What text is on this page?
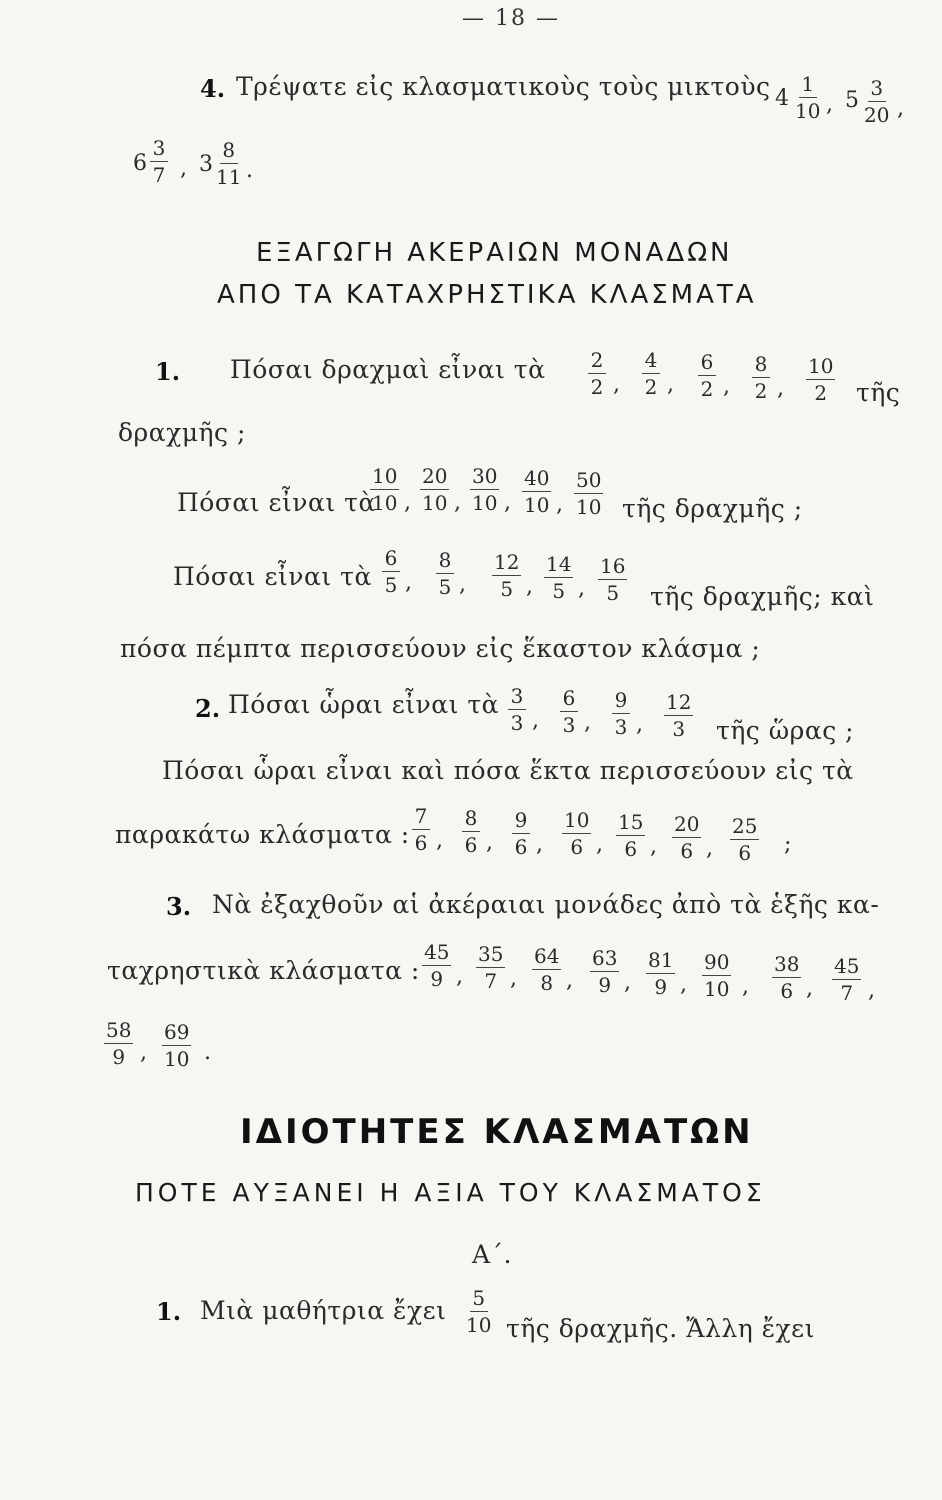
— 18 —
4. Τρέψατε εἰς κλασματικοὺς τοὺς μικτοὺς $4 \frac{1}{10}$ , $5 \frac{3}{20}$ ,
$6 \frac{3}{7}$ , $3 \frac{8}{11}$ .
ΕΞΑΓΩΓΗ ΑΚΕΡΑΙΩΝ ΜΟΝΑΔΩΝ
ΑΠΟ ΤΑ ΚΑΤΑΧΡΗΣΤΙΚΑ ΚΛΑΣΜΑΤΑ
1. Πόσαι δραχμαὶ εἶναι τὰ $\frac{2}{2}$ , $\frac{4}{2}$ , $\frac{6}{2}$ , $\frac{8}{2}$ , $\frac{10}{2}$ τῆς
δραχμῆς ;
Πόσαι εἶναι τὰ
$\frac{10}{10}$ , $\frac{20}{10}$ , $\frac{30}{10}$ , $\frac{40}{10}$ , $\frac{50}{10}$ τῆς δραχμῆς ;
Πόσαι εἶναι τὰ $\frac{6}{5}$ , $\frac{8}{5}$ , $\frac{12}{5}$ , $\frac{14}{5}$ , $\frac{16}{5}$ τῆς δραχμῆς; καὶ
πόσα πέμπτα περισσεύουν εἰς ἕκαστον κλάσμα ;
2. Πόσαι ὧραι εἶναι τὰ $\frac{3}{3}$ , $\frac{6}{3}$ , $\frac{9}{3}$ , $\frac{12}{3}$ τῆς ὥρας ;
Πόσαι ὧραι εἶναι καὶ πόσα ἕκτα περισσεύουν εἰς τὰ
παρακάτω κλάσματα : $\frac{7}{6}$ , $\frac{8}{6}$ , $\frac{9}{6}$ , $\frac{10}{6}$ , $\frac{15}{6}$ , $\frac{20}{6}$ , $\frac{25}{6}$ ;
3. Νὰ ἐξαχθοῦν αἱ ἀκέραιαι μονάδες ἀπὸ τὰ ἑξῆς κα-
ταχρηστικὰ κλάσματα : $\frac{45}{9}$ , $\frac{35}{7}$ , $\frac{64}{8}$ , $\frac{63}{9}$ , $\frac{81}{9}$ , $\frac{90}{10}$ , $\frac{38}{6}$ , $\frac{45}{7}$ ,
$\frac{58}{9}$ , $\frac{69}{10}$ .
ΙΔΙΟΤΗΤΕΣ ΚΛΑΣΜΑΤΩΝ
ΠΟΤΕ ΑΥΞΑΝΕΙ Η ΑΞΙΑ ΤΟΥ ΚΛΑΣΜΑΤΟΣ
Α΄.
1. Μιὰ μαθήτρια ἔχει $\frac{5}{10}$ τῆς δραχμῆς. Ἄλλη ἔχει
